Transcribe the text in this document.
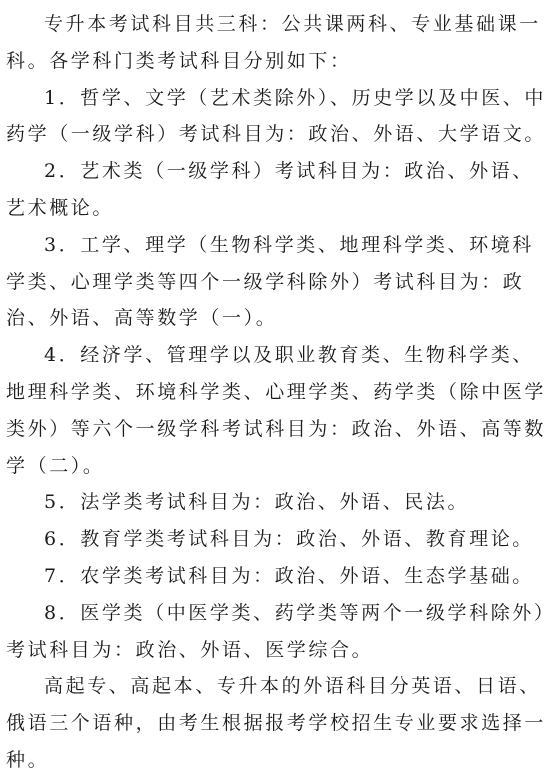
专升本考试科目共三科：公共课两科、专业基础课一科。各学科门类考试科目分别如下：

1．哲学、文学（艺术类除外）、历史学以及中医、中药学（一级学科）考试科目为：政治、外语、大学语文。

2．艺术类（一级学科）考试科目为：政治、外语、艺术概论。

3．工学、理学（生物科学类、地理科学类、环境科学类、心理学类等四个一级学科除外）考试科目为：政治、外语、高等数学（一）。

4．经济学、管理学以及职业教育类、生物科学类、地理科学类、环境科学类、心理学类、药学类（除中医学类外）等六个一级学科考试科目为：政治、外语、高等数学（二）。

5．法学类考试科目为：政治、外语、民法。

6．教育学类考试科目为：政治、外语、教育理论。

7．农学类考试科目为：政治、外语、生态学基础。

8．医学类（中医学类、药学类等两个一级学科除外）考试科目为：政治、外语、医学综合。

高起专、高起本、专升本的外语科目分英语、日语、俄语三个语种，由考生根据报考学校招生专业要求选择一种。
